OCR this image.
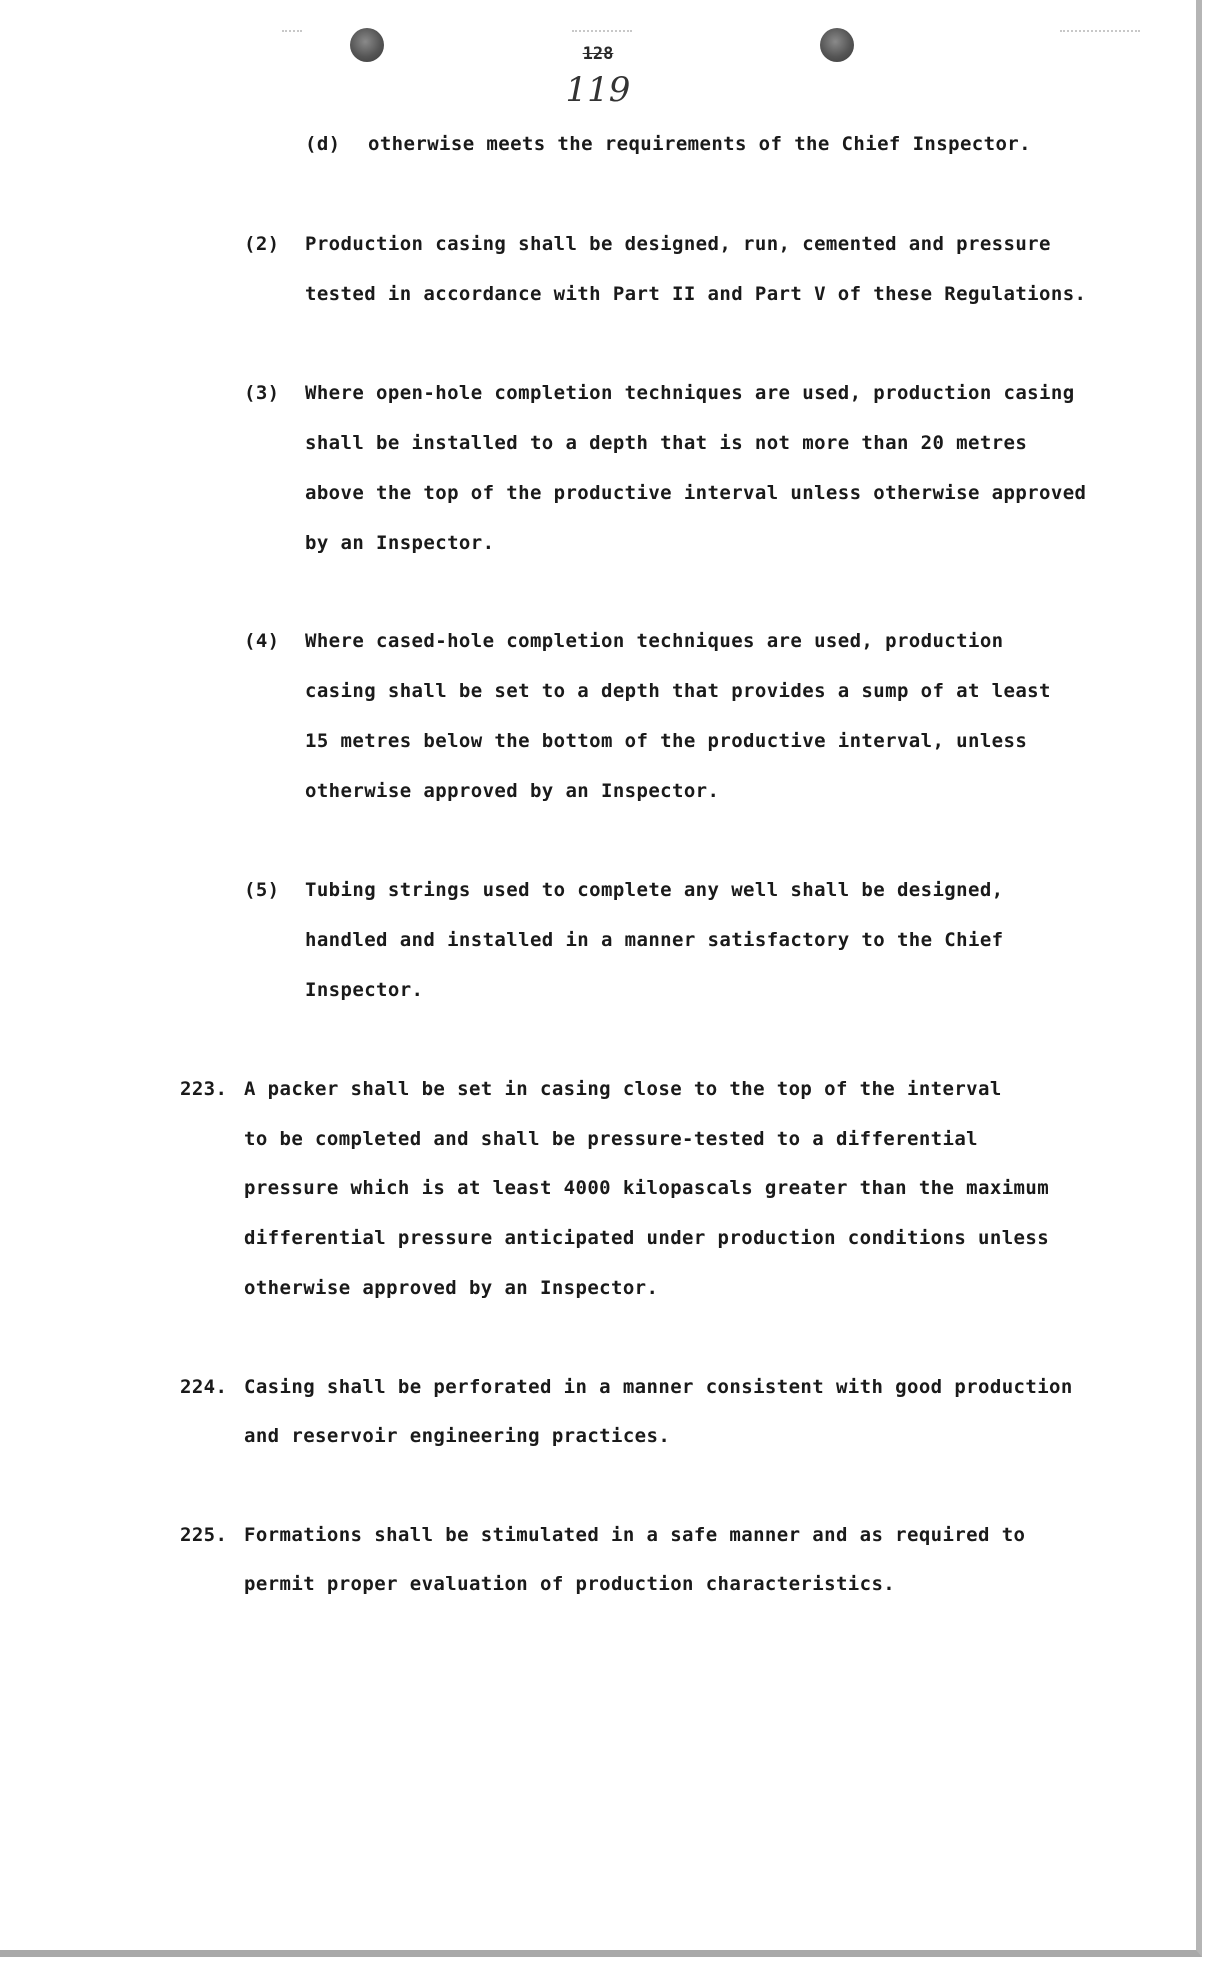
128
119

(d) otherwise meets the requirements of the Chief Inspector.

(2) Production casing shall be designed, run, cemented and pressure

tested in accordance with Part II and Part V of these Regulations.

(3) Where open-hole completion techniques are used, production casing

shall be installed to a depth that is not more than 20 metres

above the top of the productive interval unless otherwise approved

by an Inspector.

(4) Where cased-hole completion techniques are used, production

casing shall be set to a depth that provides a sump of at least

15 metres below the bottom of the productive interval, unless

otherwise approved by an Inspector.

(5) Tubing strings used to complete any well shall be designed,

handled and installed in a manner satisfactory to the Chief

Inspector.

223. A packer shall be set in casing close to the top of the interval

to be completed and shall be pressure-tested to a differential

pressure which is at least 4000 kilopascals greater than the maximum

differential pressure anticipated under production conditions unless

otherwise approved by an Inspector.

224. Casing shall be perforated in a manner consistent with good production

and reservoir engineering practices.

225. Formations shall be stimulated in a safe manner and as required to

permit proper evaluation of production characteristics.
